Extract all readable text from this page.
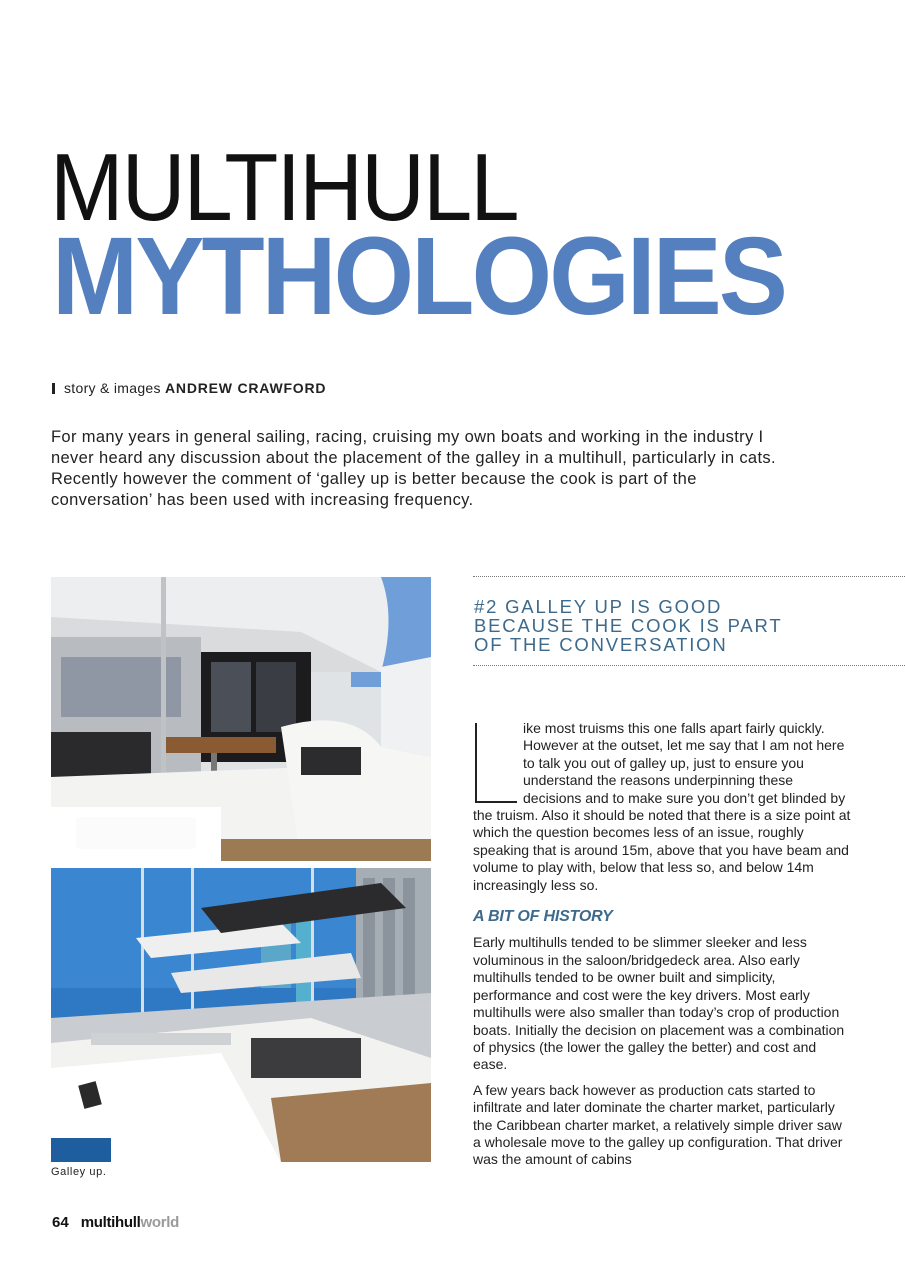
MULTIHULL
MYTHOLOGIES
story & images ANDREW CRAWFORD
For many years in general sailing, racing, cruising my own boats and working in the industry I never heard any discussion about the placement of the galley in a multihull, particularly in cats. Recently however the comment of ‘galley up is better because the cook is part of the conversation’ has been used with increasing frequency.
Galley up.
#2 GALLEY UP IS GOOD
BECAUSE THE COOK IS PART
OF THE CONVERSATION

ike most truisms this one falls apart fairly quickly. However at the outset, let me say that I am not here to talk you out of galley up, just to ensure you understand the reasons underpinning these decisions and to make sure you don’t get blinded by the truism. Also it should be noted that there is a size point at which the question becomes less of an issue, roughly speaking that is around 15m, above that you have beam and volume to play with, below that less so, and below 14m increasingly less so.

A BIT OF HISTORY

Early multihulls tended to be slimmer sleeker and less voluminous in the saloon/bridgedeck area. Also early multihulls tended to be owner built and simplicity, performance and cost were the key drivers. Most early multihulls were also smaller than today’s crop of production boats. Initially the decision on placement was a combination of physics (the lower the galley the better) and cost and ease.

A few years back however as production cats started to infiltrate and later dominate the charter market, particularly the Caribbean charter market, a relatively simple driver saw a wholesale move to the galley up configuration. That driver was the amount of cabins

64 multihullworld
